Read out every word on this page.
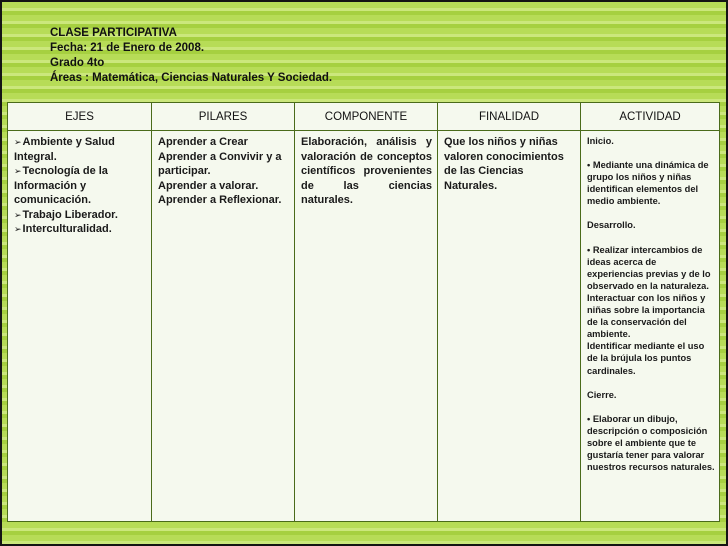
CLASE PARTICIPATIVA
Fecha: 21 de Enero de 2008.
Grado 4to
Áreas : Matemática, Ciencias Naturales Y Sociedad.
EJES
➢Ambiente y Salud Integral.
➢Tecnología de la Información y comunicación.
➢Trabajo Liberador.
➢Interculturalidad.
PILARES
Aprender a Crear
Aprender a Convivir y a participar.
Aprender a valorar.
Aprender a Reflexionar.
COMPONENTE
Elaboración, análisis y valoración de conceptos científicos provenientes de las ciencias naturales.
FINALIDAD
Que los niños y niñas valoren conocimientos de las Ciencias Naturales.
ACTIVIDAD

Inicio.

• Mediante una dinámica de grupo los niños y niñas identifican elementos del medio ambiente.

Desarrollo.

• Realizar intercambios de ideas acerca de experiencias previas y de lo observado en la naturaleza.

Interactuar con los niños y niñas sobre la importancia de la conservación del ambiente.

Identificar mediante el uso de la brújula los puntos cardinales.

Cierre.

• Elaborar un dibujo, descripción o composición sobre el ambiente que te gustaría tener para valorar nuestros recursos naturales.
